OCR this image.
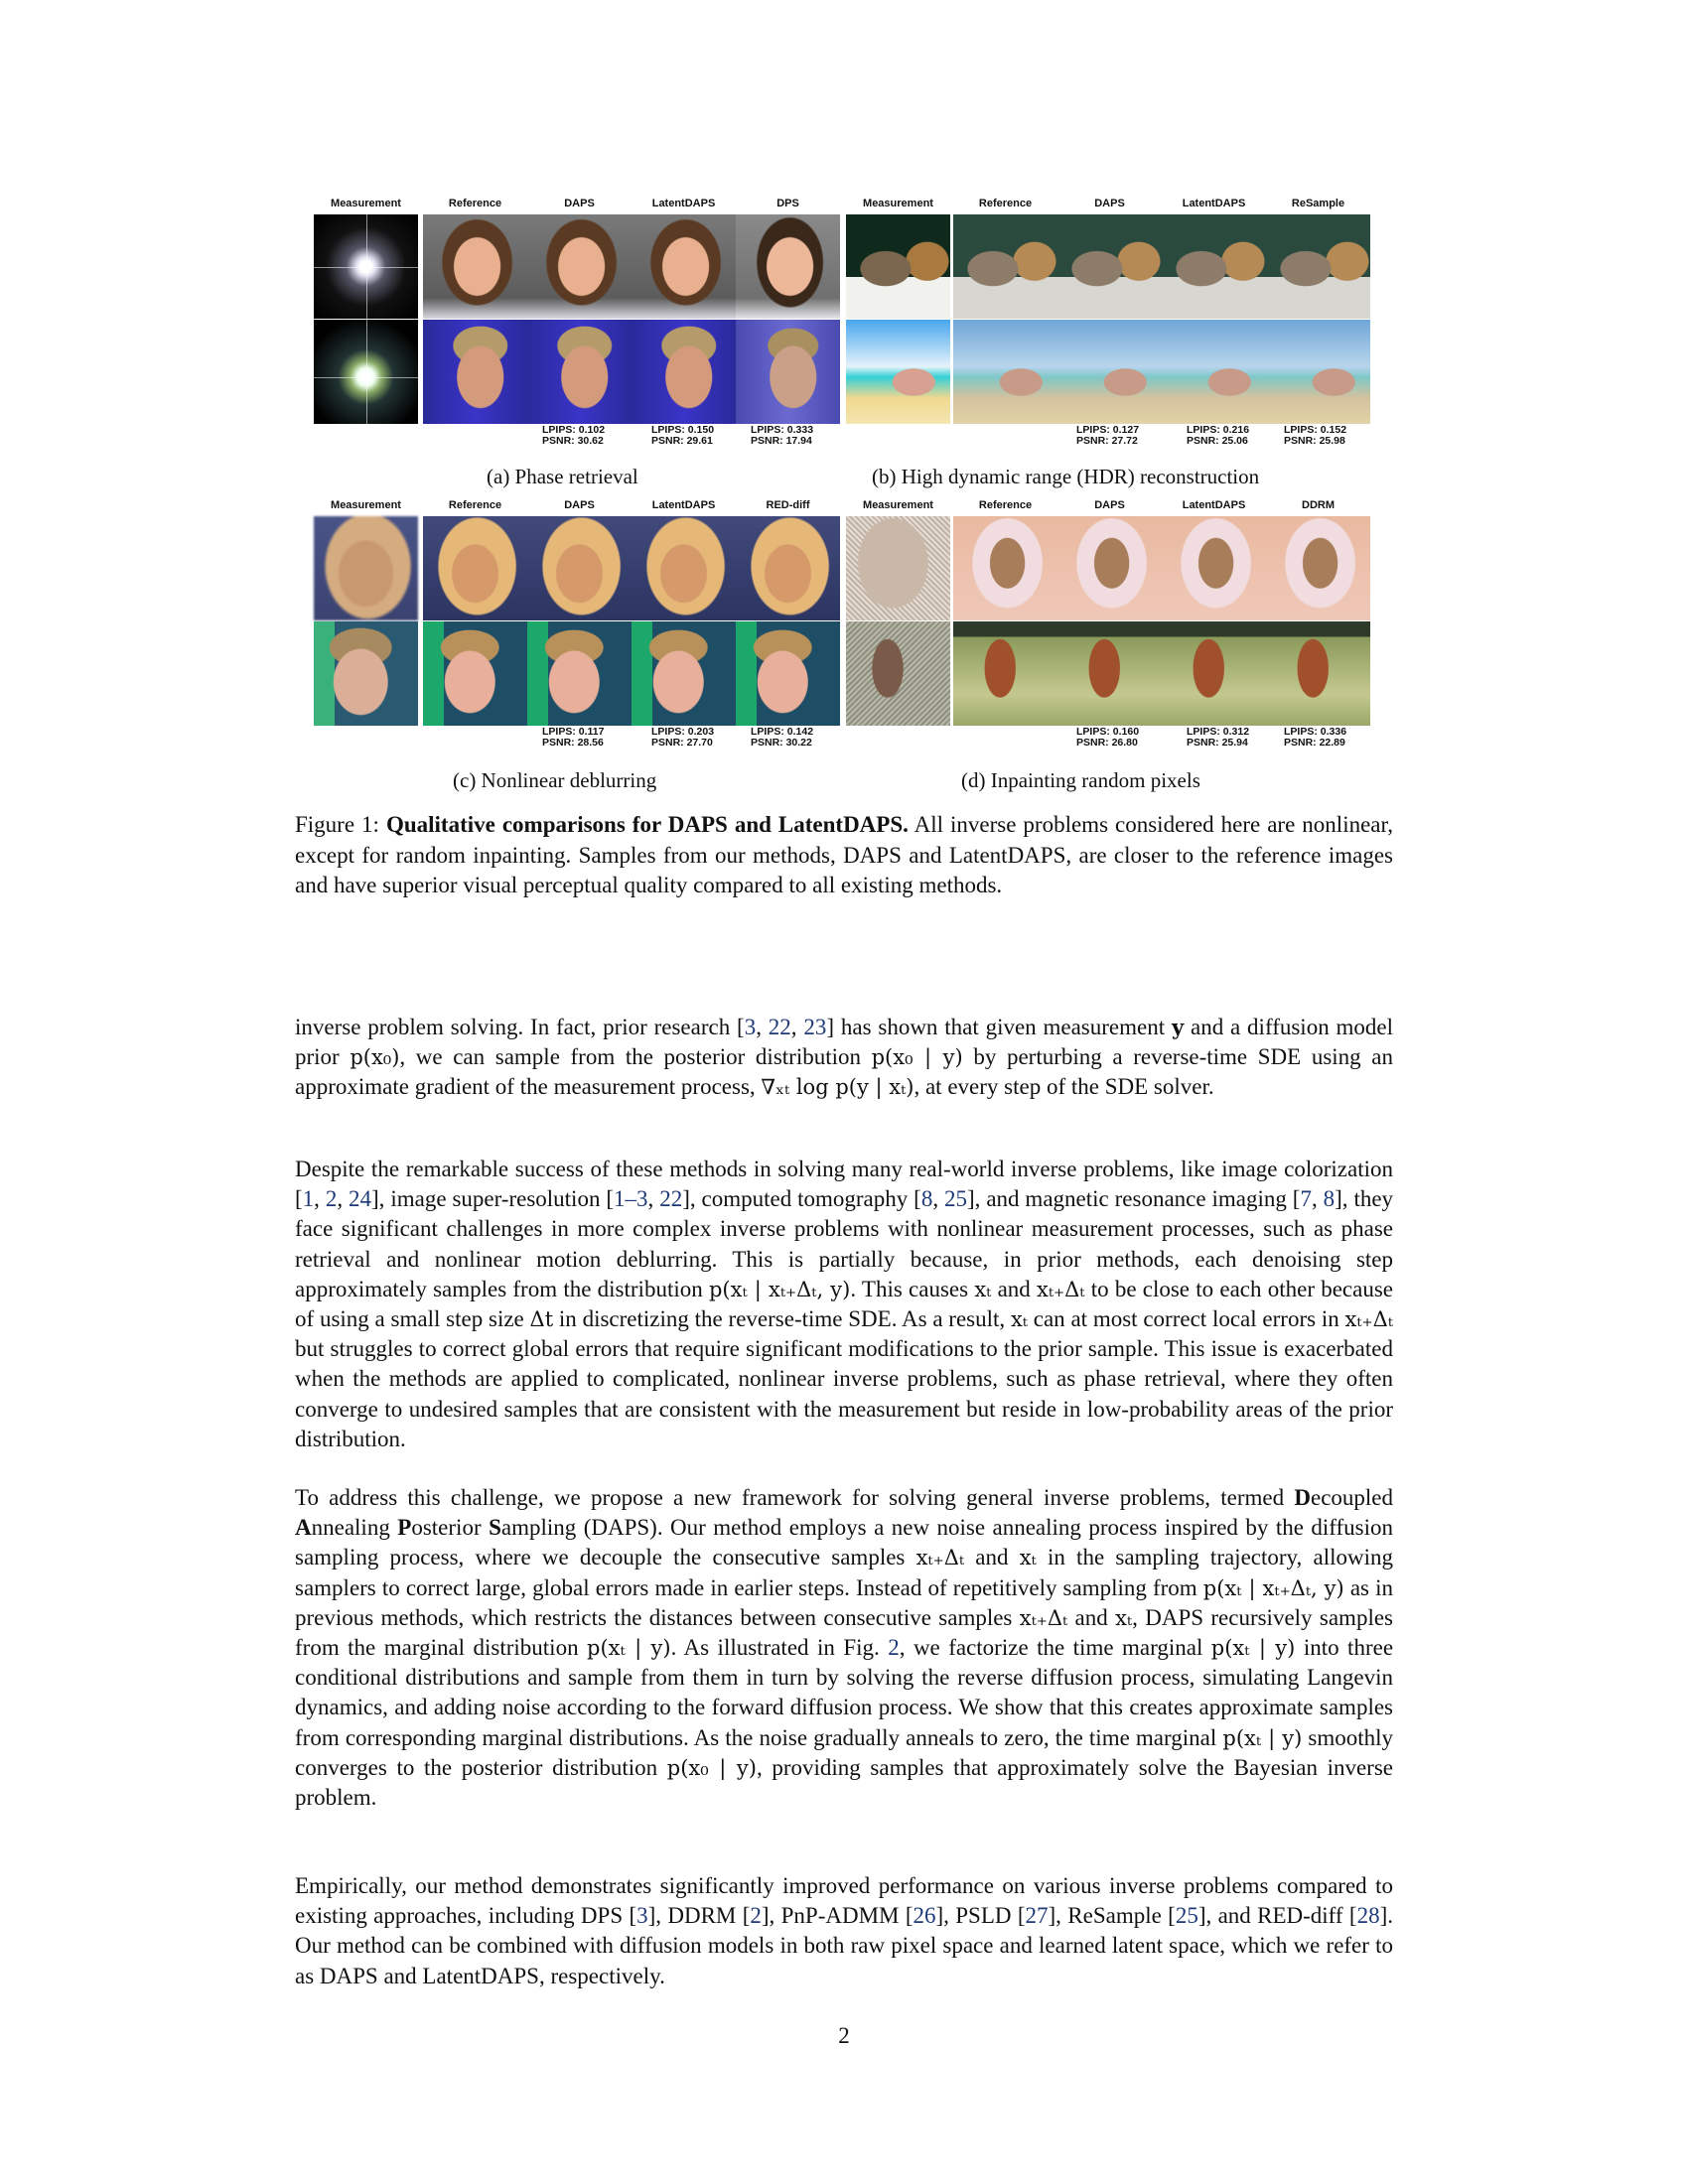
Measurement	Reference	DAPS	LatentDAPS	DPS
LPIPS: 0.102
PSNR: 30.62
LPIPS: 0.150
PSNR: 29.61
LPIPS: 0.333
PSNR: 17.94
(a) Phase retrieval
Measurement	Reference	DAPS	LatentDAPS	ReSample
LPIPS: 0.127
PSNR: 27.72
LPIPS: 0.216
PSNR: 25.06
LPIPS: 0.152
PSNR: 25.98
(b) High dynamic range (HDR) reconstruction
Measurement	Reference	DAPS	LatentDAPS	RED-diff
LPIPS: 0.117
PSNR: 28.56
LPIPS: 0.203
PSNR: 27.70
LPIPS: 0.142
PSNR: 30.22
(c) Nonlinear deblurring
Measurement	Reference	DAPS	LatentDAPS	DDRM
LPIPS: 0.160
PSNR: 26.80
LPIPS: 0.312
PSNR: 25.94
LPIPS: 0.336
PSNR: 22.89
(d) Inpainting random pixels
Figure 1: Qualitative comparisons for DAPS and LatentDAPS. All inverse problems considered here are nonlinear, except for random inpainting. Samples from our methods, DAPS and LatentDAPS, are closer to the reference images and have superior visual perceptual quality compared to all existing methods.

inverse problem solving. In fact, prior research [3, 22, 23] has shown that given measurement y and a diffusion model prior p(x₀), we can sample from the posterior distribution p(x₀ | y) by perturbing a reverse-time SDE using an approximate gradient of the measurement process, ∇ₓₜ log p(y | xₜ), at every step of the SDE solver.

Despite the remarkable success of these methods in solving many real-world inverse problems, like image colorization [1, 2, 24], image super-resolution [1–3, 22], computed tomography [8, 25], and magnetic resonance imaging [7, 8], they face significant challenges in more complex inverse problems with nonlinear measurement processes, such as phase retrieval and nonlinear motion deblurring. This is partially because, in prior methods, each denoising step approximately samples from the distribution p(xₜ | xₜ₊Δₜ, y). This causes xₜ and xₜ₊Δₜ to be close to each other because of using a small step size Δt in discretizing the reverse-time SDE. As a result, xₜ can at most correct local errors in xₜ₊Δₜ but struggles to correct global errors that require significant modifications to the prior sample. This issue is exacerbated when the methods are applied to complicated, nonlinear inverse problems, such as phase retrieval, where they often converge to undesired samples that are consistent with the measurement but reside in low-probability areas of the prior distribution.

To address this challenge, we propose a new framework for solving general inverse problems, termed Decoupled Annealing Posterior Sampling (DAPS). Our method employs a new noise annealing process inspired by the diffusion sampling process, where we decouple the consecutive samples xₜ₊Δₜ and xₜ in the sampling trajectory, allowing samplers to correct large, global errors made in earlier steps. Instead of repetitively sampling from p(xₜ | xₜ₊Δₜ, y) as in previous methods, which restricts the distances between consecutive samples xₜ₊Δₜ and xₜ, DAPS recursively samples from the marginal distribution p(xₜ | y). As illustrated in Fig. 2, we factorize the time marginal p(xₜ | y) into three conditional distributions and sample from them in turn by solving the reverse diffusion process, simulating Langevin dynamics, and adding noise according to the forward diffusion process. We show that this creates approximate samples from corresponding marginal distributions. As the noise gradually anneals to zero, the time marginal p(xₜ | y) smoothly converges to the posterior distribution p(x₀ | y), providing samples that approximately solve the Bayesian inverse problem.

Empirically, our method demonstrates significantly improved performance on various inverse problems compared to existing approaches, including DPS [3], DDRM [2], PnP-ADMM [26], PSLD [27], ReSample [25], and RED-diff [28]. Our method can be combined with diffusion models in both raw pixel space and learned latent space, which we refer to as DAPS and LatentDAPS, respectively.

2
